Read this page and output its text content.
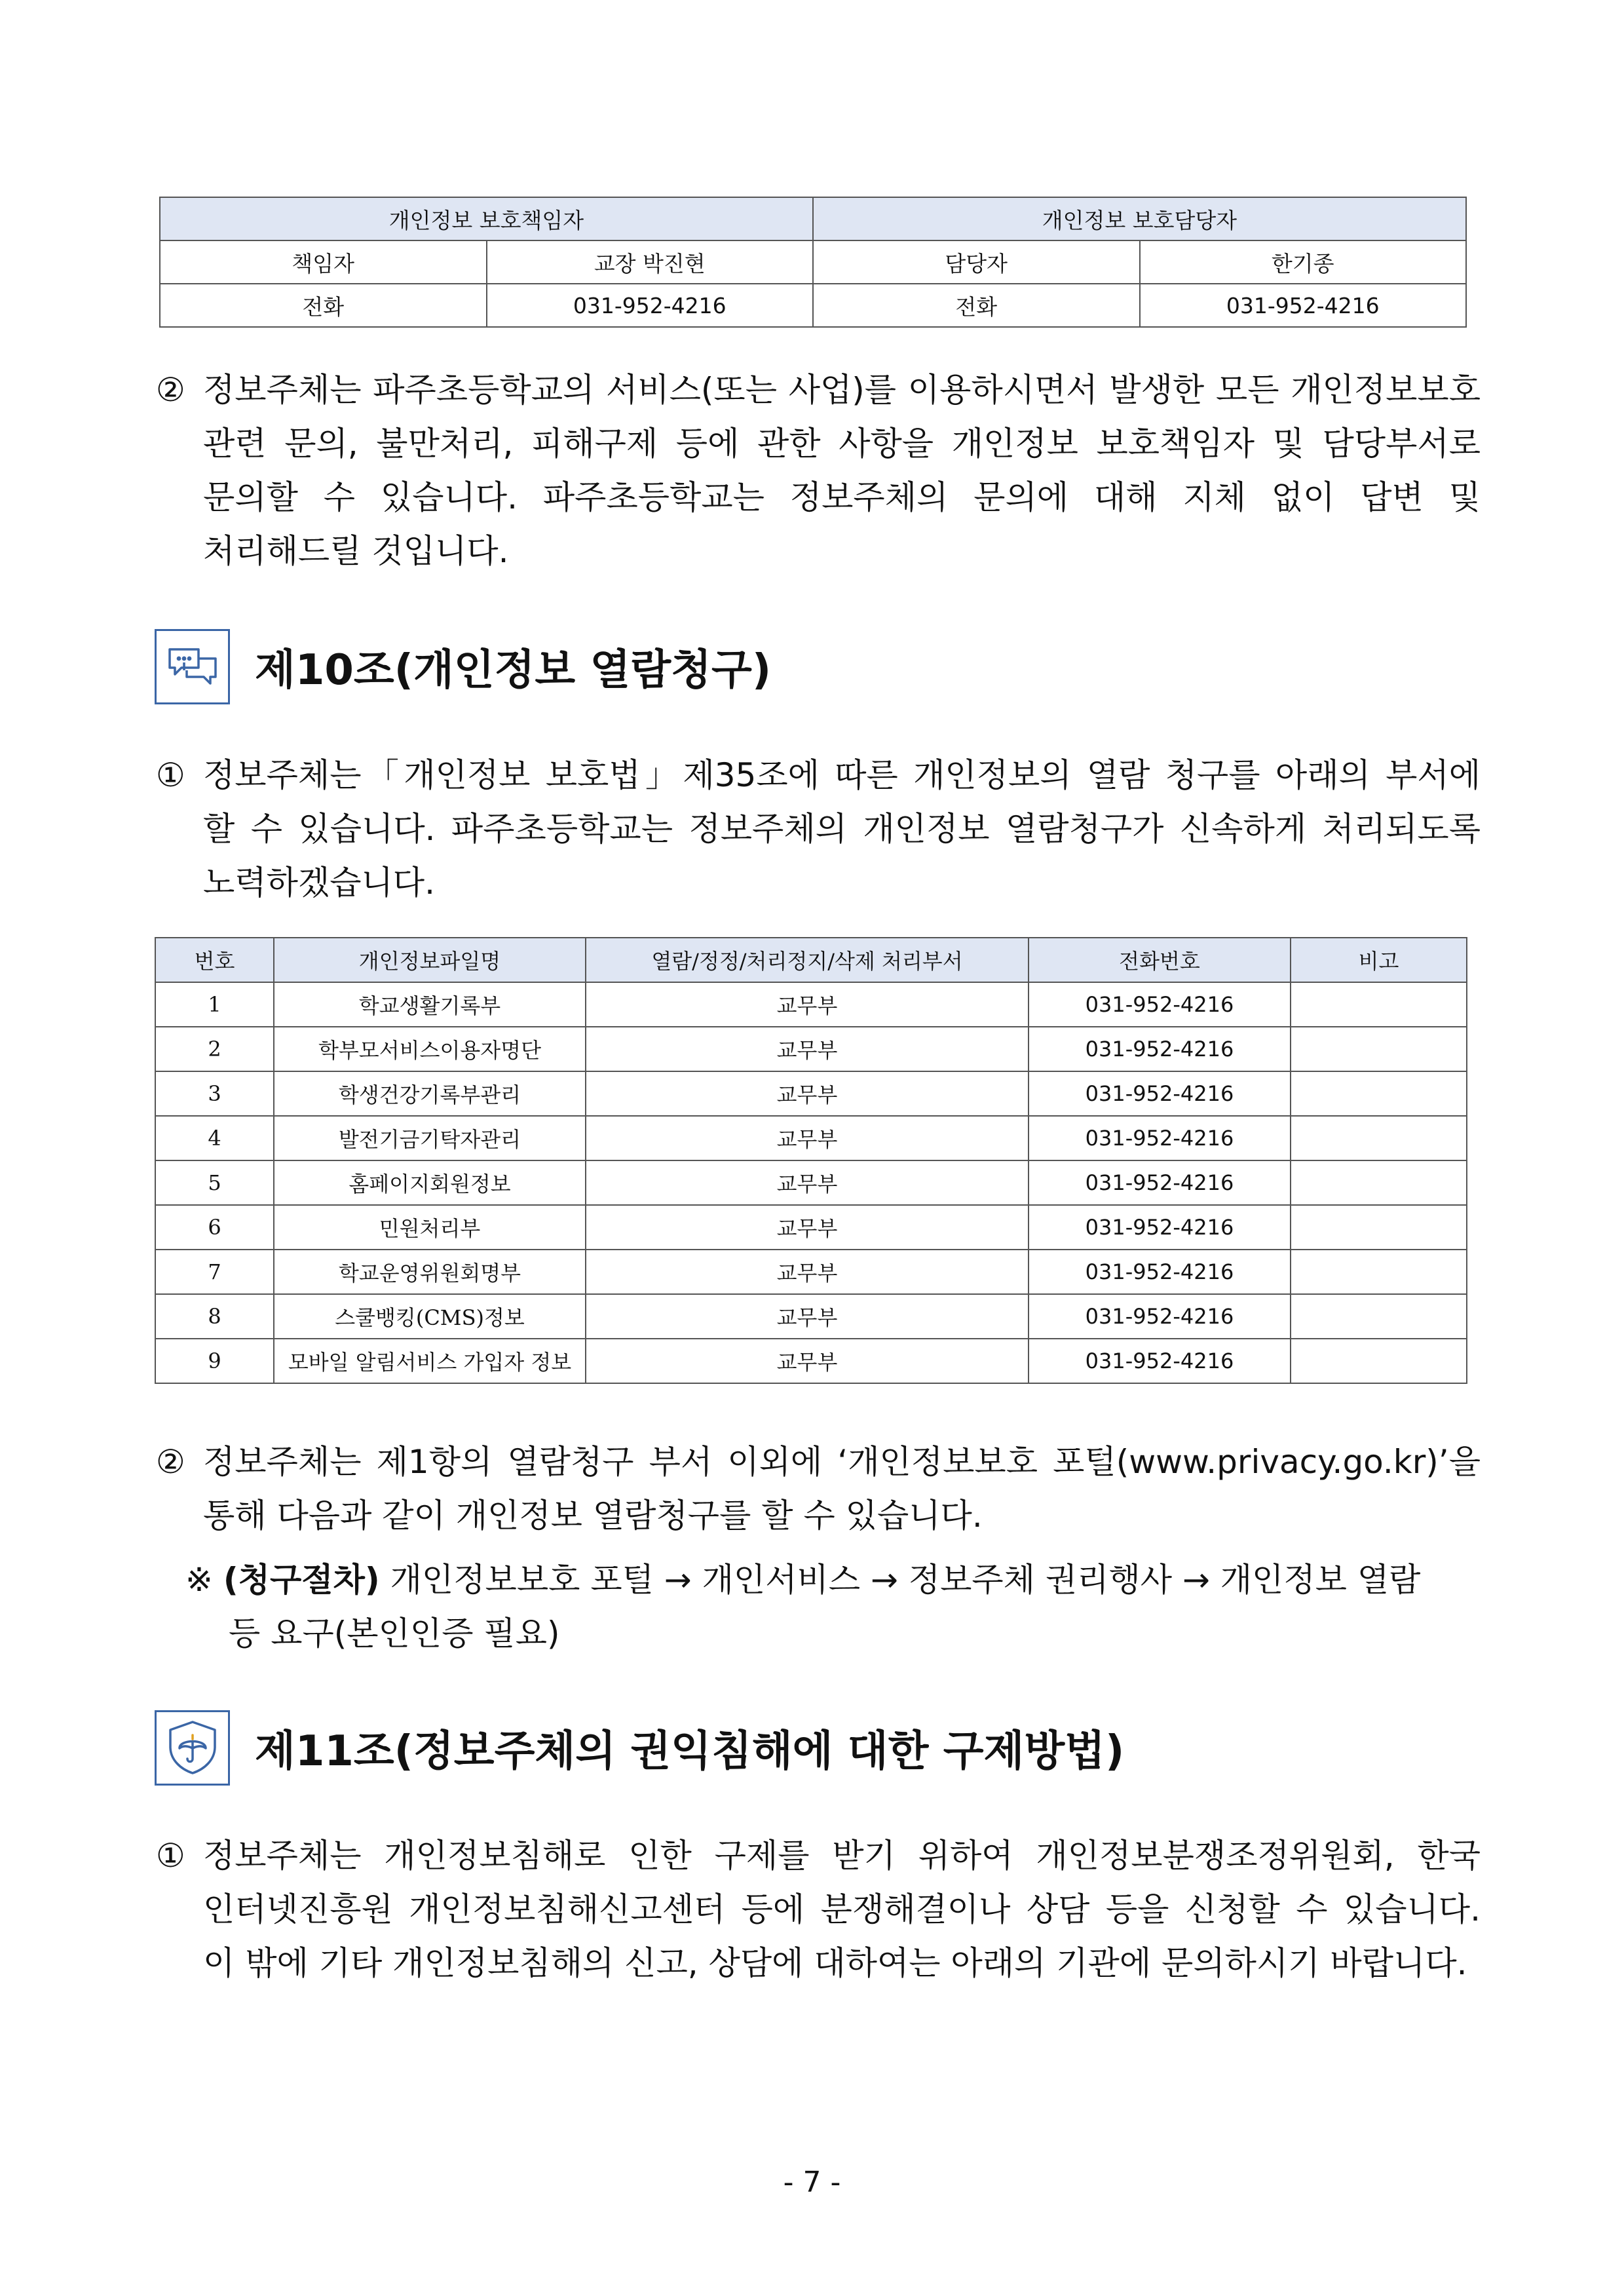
개인정보 보호책임자		개인정보 보호담당자	
책임자	교장 박진현	담당자	한기종
전화	031-952-4216	전화	031-952-4216
② 정보주체는 파주초등학교의 서비스(또는 사업)를 이용하시면서 발생한 모든 개인정보보호
관련 문의, 불만처리, 피해구제 등에 관한 사항을 개인정보 보호책임자 및 담당부서로
문의할 수 있습니다. 파주초등학교는 정보주체의 문의에 대해 지체 없이 답변 및
처리해드릴 것입니다.
제10조(개인정보 열람청구)
① 정보주체는「개인정보 보호법」제35조에 따른 개인정보의 열람 청구를 아래의 부서에
할 수 있습니다. 파주초등학교는 정보주체의 개인정보 열람청구가 신속하게 처리되도록
노력하겠습니다.
번호	개인정보파일명	열람/정정/처리정지/삭제 처리부서	전화번호	비고
1	학교생활기록부	교무부	031-952-4216	
2	학부모서비스이용자명단	교무부	031-952-4216	
3	학생건강기록부관리	교무부	031-952-4216	
4	발전기금기탁자관리	교무부	031-952-4216	
5	홈페이지회원정보	교무부	031-952-4216	
6	민원처리부	교무부	031-952-4216	
7	학교운영위원회명부	교무부	031-952-4216	
8	스쿨뱅킹(CMS)정보	교무부	031-952-4216	
9	모바일 알림서비스 가입자 정보	교무부	031-952-4216	
② 정보주체는 제1항의 열람청구 부서 이외에 ‘개인정보보호 포털(www.privacy.go.kr)’을
통해 다음과 같이 개인정보 열람청구를 할 수 있습니다.
※ (청구절차) 개인정보보호 포털 → 개인서비스 → 정보주체 권리행사 → 개인정보 열람
등 요구(본인인증 필요)
제11조(정보주체의 권익침해에 대한 구제방법)
① 정보주체는 개인정보침해로 인한 구제를 받기 위하여 개인정보분쟁조정위원회, 한국
인터넷진흥원 개인정보침해신고센터 등에 분쟁해결이나 상담 등을 신청할 수 있습니다.
이 밖에 기타 개인정보침해의 신고, 상담에 대하여는 아래의 기관에 문의하시기 바랍니다.
- 7 -
